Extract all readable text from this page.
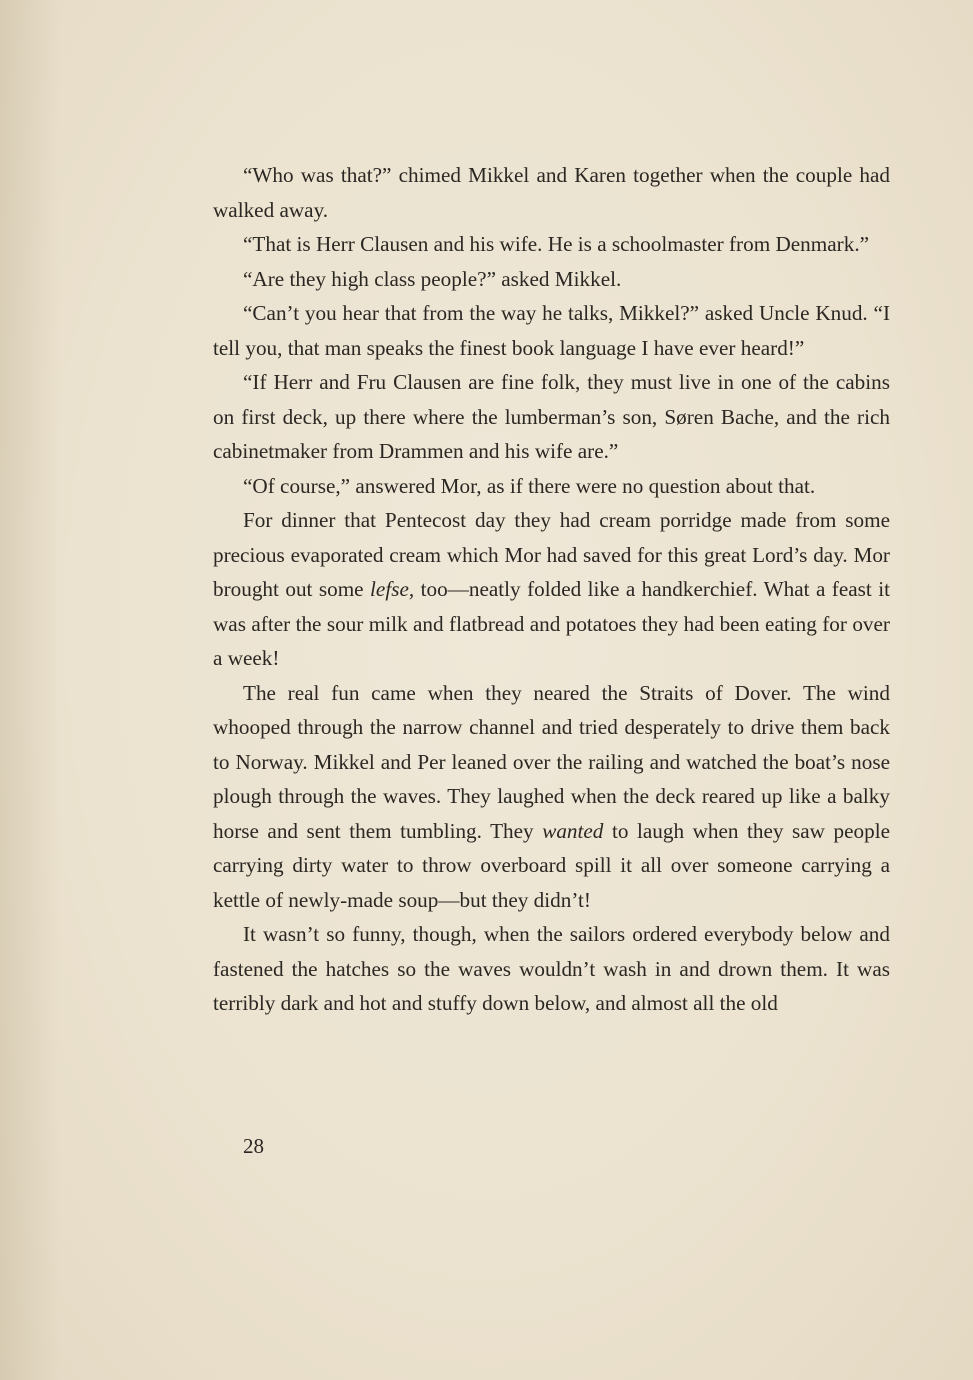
“Who was that?” chimed Mikkel and Karen together when the couple had walked away.

“That is Herr Clausen and his wife. He is a schoolmaster from Denmark.”

“Are they high class people?” asked Mikkel.

“Can’t you hear that from the way he talks, Mikkel?” asked Uncle Knud. “I tell you, that man speaks the finest book language I have ever heard!”

“If Herr and Fru Clausen are fine folk, they must live in one of the cabins on first deck, up there where the lumberman’s son, Søren Bache, and the rich cabinetmaker from Drammen and his wife are.”

“Of course,” answered Mor, as if there were no question about that.

For dinner that Pentecost day they had cream porridge made from some precious evaporated cream which Mor had saved for this great Lord’s day. Mor brought out some lefse, too—neatly folded like a handkerchief. What a feast it was after the sour milk and flatbread and potatoes they had been eating for over a week!

The real fun came when they neared the Straits of Dover. The wind whooped through the narrow channel and tried desperately to drive them back to Norway. Mikkel and Per leaned over the railing and watched the boat’s nose plough through the waves. They laughed when the deck reared up like a balky horse and sent them tumbling. They wanted to laugh when they saw people carrying dirty water to throw overboard spill it all over someone carrying a kettle of newly-made soup—but they didn’t!

It wasn’t so funny, though, when the sailors ordered everybody below and fastened the hatches so the waves wouldn’t wash in and drown them. It was terribly dark and hot and stuffy down below, and almost all the old

28
